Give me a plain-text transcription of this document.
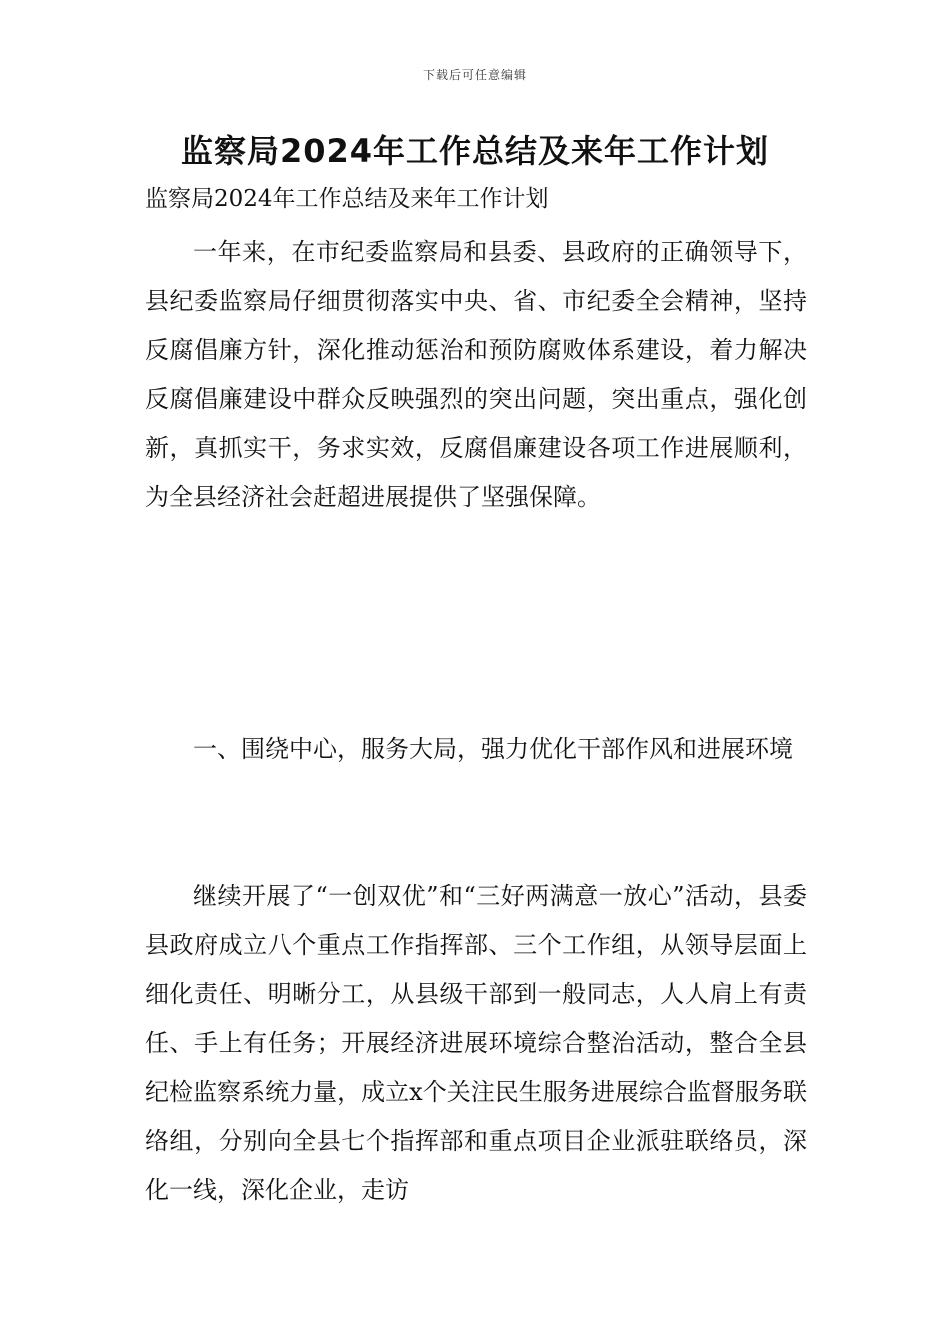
下载后可任意编辑
监察局2024年工作总结及来年工作计划
监察局2024年工作总结及来年工作计划

一年来，在市纪委监察局和县委、县政府的正确领导下，县纪委监察局仔细贯彻落实中央、省、市纪委全会精神，坚持反腐倡廉方针，深化推动惩治和预防腐败体系建设，着力解决反腐倡廉建设中群众反映强烈的突出问题，突出重点，强化创新，真抓实干，务求实效，反腐倡廉建设各项工作进展顺利，为全县经济社会赶超进展提供了坚强保障。

一、围绕中心，服务大局，强力优化干部作风和进展环境

继续开展了“一创双优”和“三好两满意一放心”活动，县委县政府成立八个重点工作指挥部、三个工作组，从领导层面上细化责任、明晰分工，从县级干部到一般同志，人人肩上有责任、手上有任务；开展经济进展环境综合整治活动，整合全县纪检监察系统力量，成立x个关注民生服务进展综合监督服务联络组，分别向全县七个指挥部和重点项目企业派驻联络员，深化一线，深化企业，走访
